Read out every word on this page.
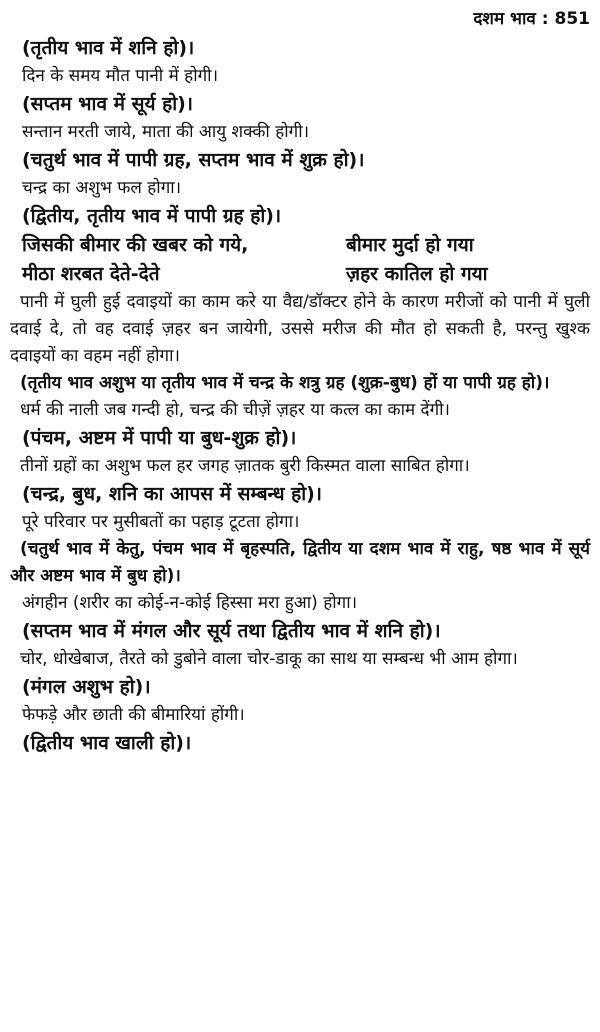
दशम भाव : 851
(तृतीय भाव में शनि हो)।
दिन के समय मौत पानी में होगी।
(सप्तम भाव में सूर्य हो)।
सन्तान मरती जाये, माता की आयु शक्की होगी।
(चतुर्थ भाव में पापी ग्रह, सप्तम भाव में शुक्र हो)।
चन्द्र का अशुभ फल होगा।
(द्वितीय, तृतीय भाव में पापी ग्रह हो)।
जिसकी बीमार की खबर को गये,	बीमार मुर्दा हो गया
मीठा शरबत देते-देते	ज़हर कातिल हो गया
पानी में घुली हुई दवाइयों का काम करे या वैद्य/डॉक्टर होने के कारण मरीजों को पानी में घुली दवाई दे, तो वह दवाई ज़हर बन जायेगी, उससे मरीज की मौत हो सकती है, परन्तु खुश्क दवाइयों का वहम नहीं होगा।
(तृतीय भाव अशुभ या तृतीय भाव में चन्द्र के शत्रु ग्रह (शुक्र-बुध) हों या पापी ग्रह हो)।
धर्म की नाली जब गन्दी हो, चन्द्र की चीज़ें ज़हर या कत्ल का काम देंगी।
(पंचम, अष्टम में पापी या बुध-शुक्र हो)।
तीनों ग्रहों का अशुभ फल हर जगह ज़ातक बुरी किस्मत वाला साबित होगा।
(चन्द्र, बुध, शनि का आपस में सम्बन्ध हो)।
पूरे परिवार पर मुसीबतों का पहाड़ टूटता होगा।
(चतुर्थ भाव में केतु, पंचम भाव में बृहस्पति, द्वितीय या दशम भाव में राहु, षष्ठ भाव में सूर्य और अष्टम भाव में बुध हो)।
अंगहीन (शरीर का कोई-न-कोई हिस्सा मरा हुआ) होगा।
(सप्तम भाव में मंगल और सूर्य तथा द्वितीय भाव में शनि हो)।
चोर, धोखेबाज, तैरते को डुबोने वाला चोर-डाकू का साथ या सम्बन्ध भी आम होगा।
(मंगल अशुभ हो)।
फेफड़े और छाती की बीमारियां होंगी।
(द्वितीय भाव खाली हो)।
